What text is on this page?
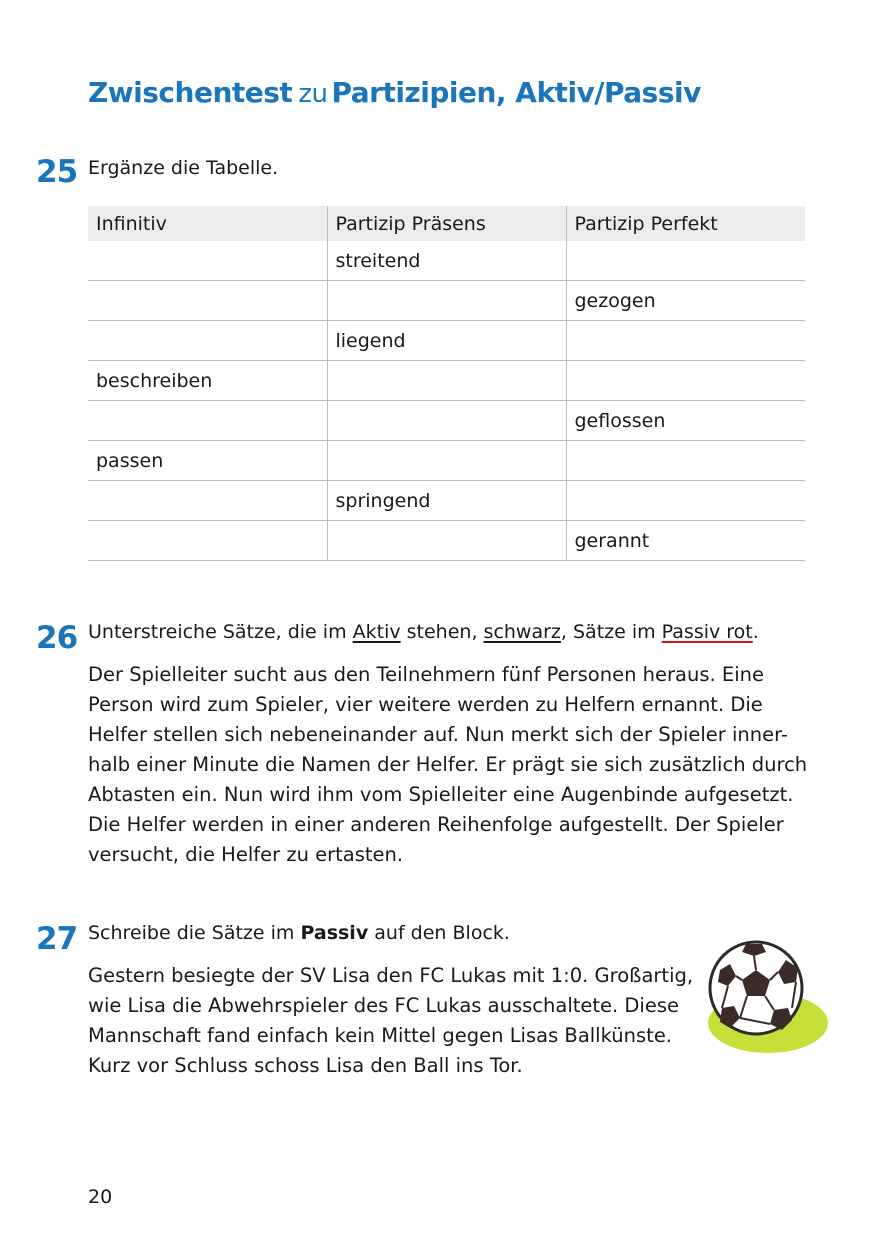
Zwischentest zu Partizipien, Aktiv/Passiv
25 Ergänze die Tabelle.
Infinitiv	Partizip Präsens	Partizip Perfekt
	streitend	
		gezogen
	liegend	
beschreiben		
		geflossen
passen		
	springend	
		gerannt
26 Unterstreiche Sätze, die im Aktiv stehen, schwarz, Sätze im Passiv rot.
Der Spielleiter sucht aus den Teilnehmern fünf Personen heraus. Eine
Person wird zum Spieler, vier weitere werden zu Helfern ernannt. Die
Helfer stellen sich nebeneinander auf. Nun merkt sich der Spieler inner-
halb einer Minute die Namen der Helfer. Er prägt sie sich zusätzlich durch
Abtasten ein. Nun wird ihm vom Spielleiter eine Augenbinde aufgesetzt.
Die Helfer werden in einer anderen Reihenfolge aufgestellt. Der Spieler
versucht, die Helfer zu ertasten.
27 Schreibe die Sätze im Passiv auf den Block.
Gestern besiegte der SV Lisa den FC Lukas mit 1:0. Großartig,
wie Lisa die Abwehrspieler des FC Lukas ausschaltete. Diese
Mannschaft fand einfach kein Mittel gegen Lisas Ballkünste.
Kurz vor Schluss schoss Lisa den Ball ins Tor.
20
